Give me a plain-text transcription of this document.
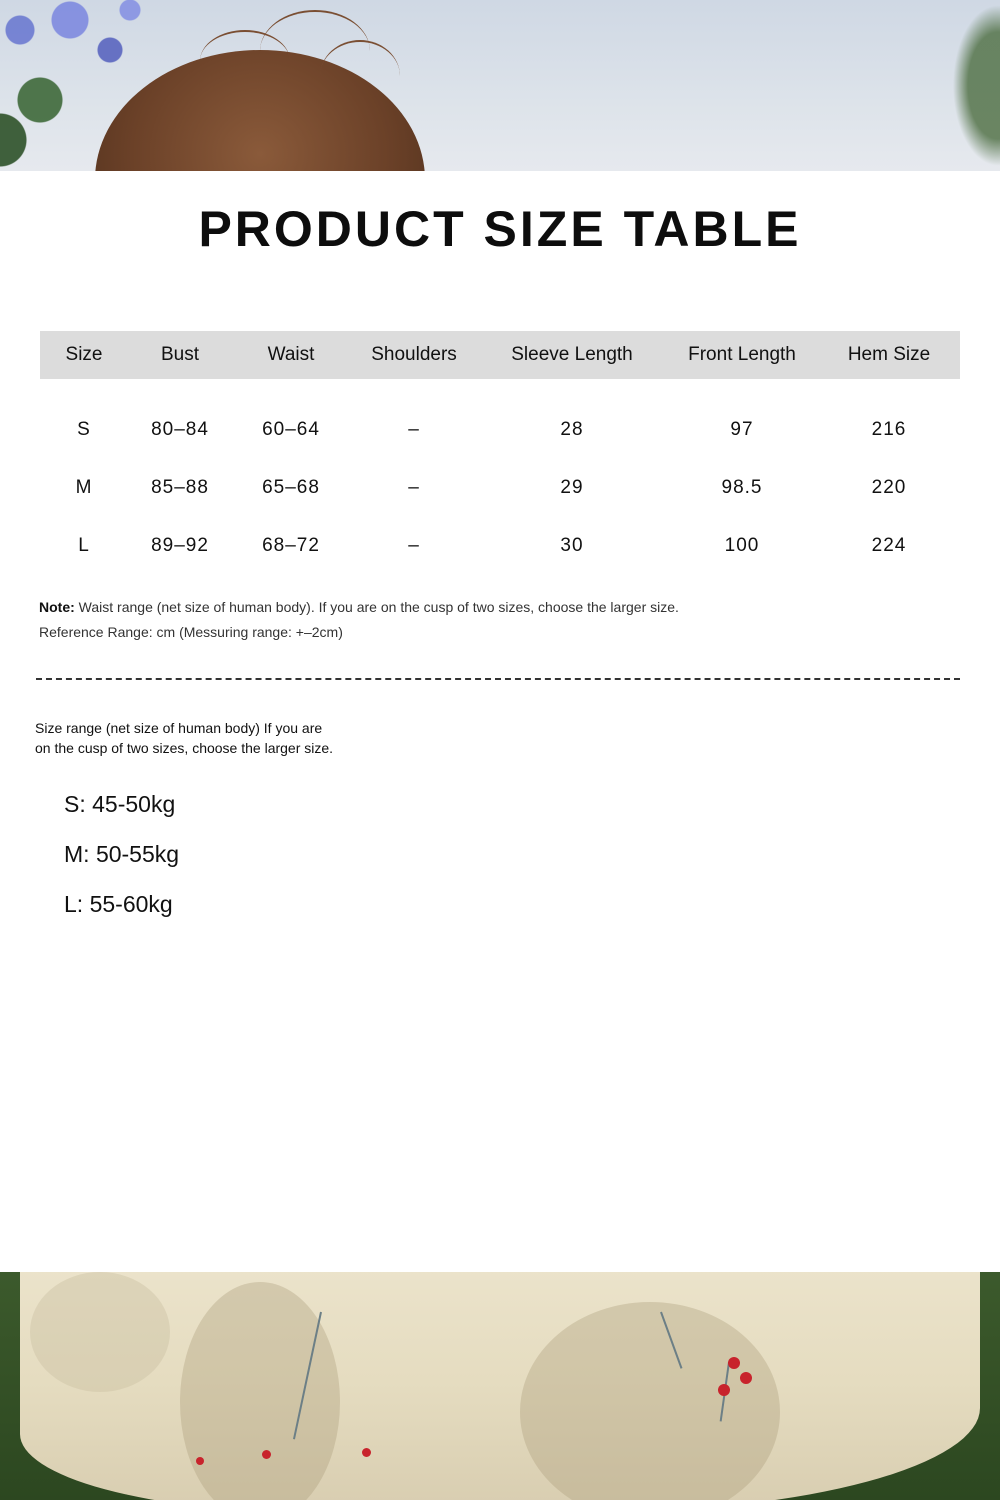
PRODUCT SIZE TABLE
Size	Bust	Waist	Shoulders	Sleeve Length	Front Length	Hem Size

S	80–84	60–64	–	28	97	216
M	85–88	65–68	–	29	98.5	220
L	89–92	68–72	–	30	100	224
Note: Waist range (net size of human body). If you are on the cusp of two sizes, choose the larger size.
Reference Range: cm (Messuring range: +–2cm)
Size range (net size of human body) If you are
on the cusp of two sizes, choose the larger size.
S: 45-50kg
M: 50-55kg
L: 55-60kg
